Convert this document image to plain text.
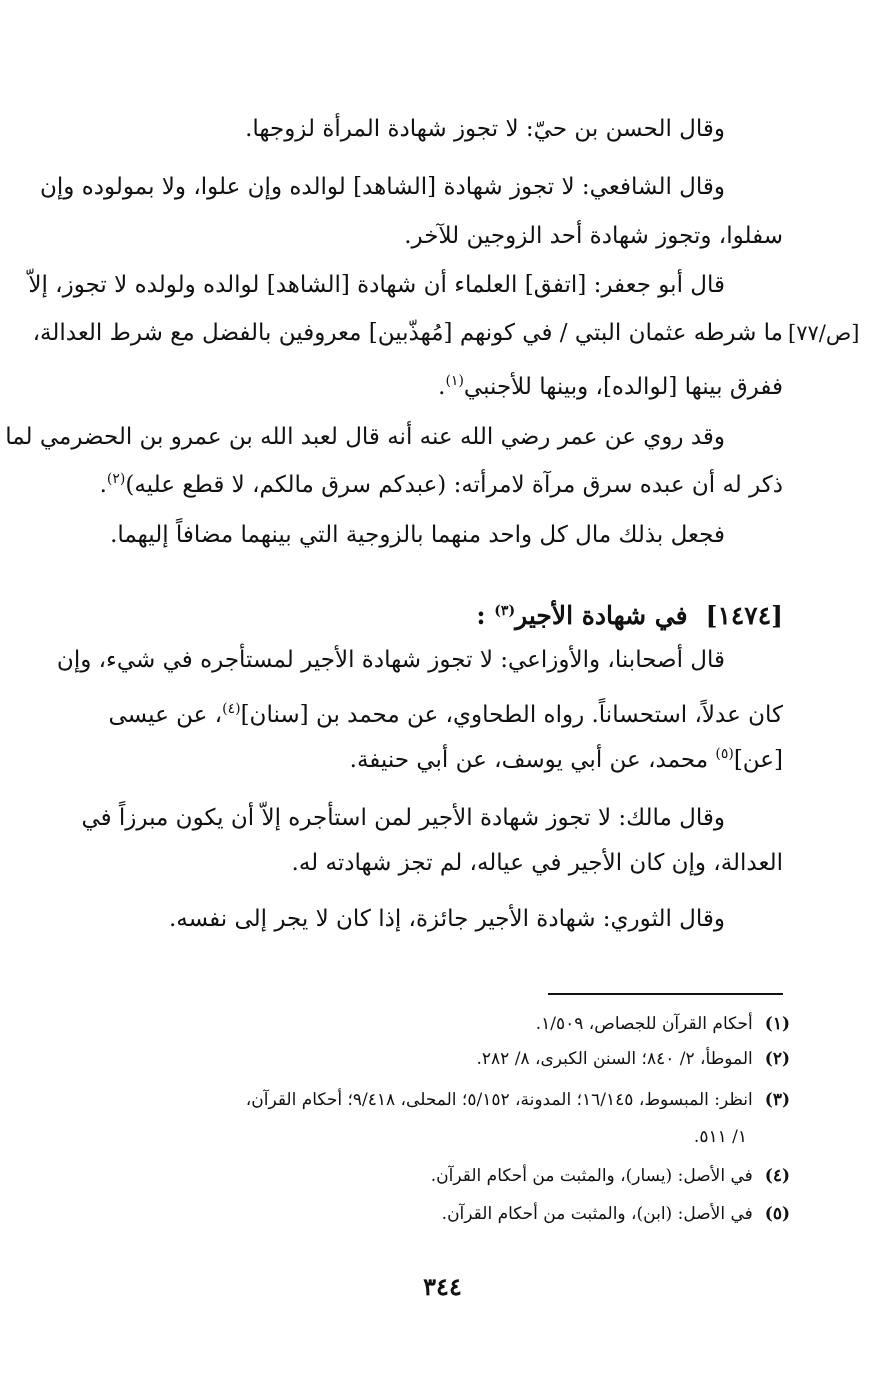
وقال الحسن بن حيّ: لا تجوز شهادة المرأة لزوجها.
وقال الشافعي: لا تجوز شهادة [الشاهد] لوالده وإن علوا، ولا بمولوده وإن
سفلوا، وتجوز شهادة أحد الزوجين للآخر.
قال أبو جعفر: [اتفق] العلماء أن شهادة [الشاهد] لوالده ولولده لا تجوز، إلاّ
[ص/٧٧]
ما شرطه عثمان البتي / في كونهم [مُهذّبين] معروفين بالفضل مع شرط العدالة،
ففرق بينها [لوالده]، وبينها للأجنبي$^{(١)}$.
وقد روي عن عمر رضي الله عنه أنه قال لعبد الله بن عمرو بن الحضرمي لما
ذكر له أن عبده سرق مرآة لامرأته: (عبدكم سرق مالكم، لا قطع عليه)$^{(٢)}$.
فجعل بذلك مال كل واحد منهما بالزوجية التي بينهما مضافاً إليهما.
[١٤٧٤]في شهادة الأجير$^{(٣)}$ :
قال أصحابنا، والأوزاعي: لا تجوز شهادة الأجير لمستأجره في شيء، وإن
كان عدلاً، استحساناً. رواه الطحاوي، عن محمد بن [سنان]$^{(٤)}$، عن عيسى
[عن]$^{(٥)}$ محمد، عن أبي يوسف، عن أبي حنيفة.
وقال مالك: لا تجوز شهادة الأجير لمن استأجره إلاّ أن يكون مبرزاً في
العدالة، وإن كان الأجير في عياله، لم تجز شهادته له.
وقال الثوري: شهادة الأجير جائزة، إذا كان لا يجر إلى نفسه.
(١)أحكام القرآن للجصاص، ١/٥٠٩.
(٢)الموطأ، ٢/ ٨٤٠؛ السنن الكبرى، ٨/ ٢٨٢.
(٣)انظر: المبسوط، ١٦/١٤٥؛ المدونة، ٥/١٥٢؛ المحلى، ٩/٤١٨؛ أحكام القرآن،
١/ ٥١١.
(٤)في الأصل: (يسار)، والمثبت من أحكام القرآن.
(٥)في الأصل: (ابن)، والمثبت من أحكام القرآن.
٣٤٤
